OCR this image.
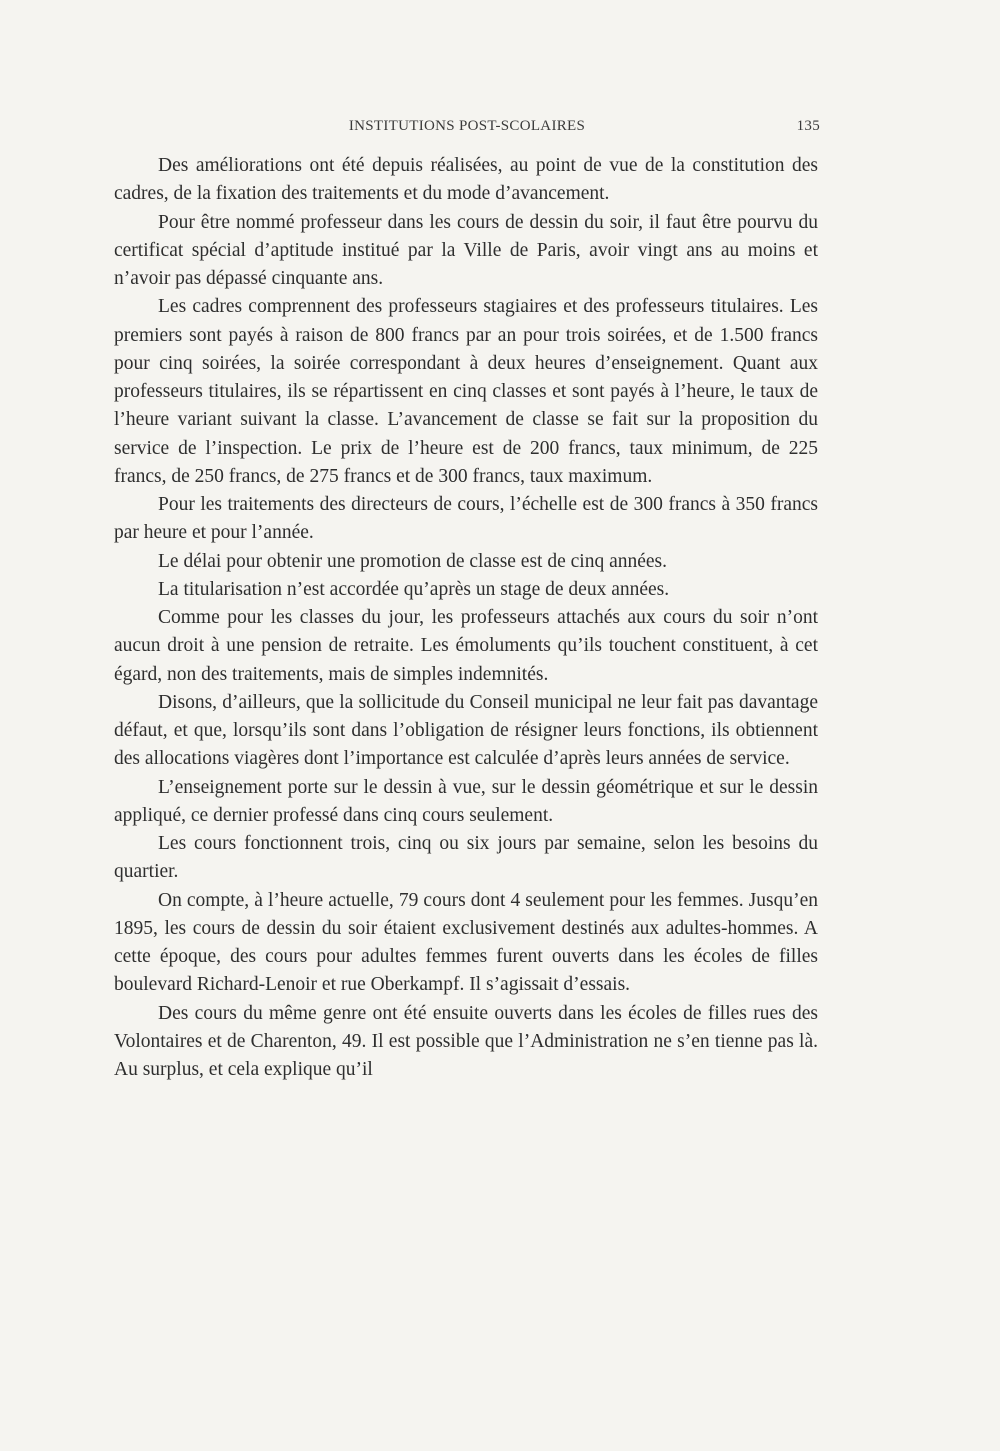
INSTITUTIONS POST-SCOLAIRES	135

Des améliorations ont été depuis réalisées, au point de vue de la constitution des cadres, de la fixation des traitements et du mode d’avancement.

Pour être nommé professeur dans les cours de dessin du soir, il faut être pourvu du certificat spécial d’aptitude institué par la Ville de Paris, avoir vingt ans au moins et n’avoir pas dépassé cinquante ans.

Les cadres comprennent des professeurs stagiaires et des professeurs titulaires. Les premiers sont payés à raison de 800 francs par an pour trois soirées, et de 1.500 francs pour cinq soirées, la soirée correspondant à deux heures d’enseignement. Quant aux professeurs titulaires, ils se répartissent en cinq classes et sont payés à l’heure, le taux de l’heure variant suivant la classe. L’avancement de classe se fait sur la proposition du service de l’inspection. Le prix de l’heure est de 200 francs, taux minimum, de 225 francs, de 250 francs, de 275 francs et de 300 francs, taux maximum.

Pour les traitements des directeurs de cours, l’échelle est de 300 francs à 350 francs par heure et pour l’année.

Le délai pour obtenir une promotion de classe est de cinq années.

La titularisation n’est accordée qu’après un stage de deux années.

Comme pour les classes du jour, les professeurs attachés aux cours du soir n’ont aucun droit à une pension de retraite. Les émoluments qu’ils touchent constituent, à cet égard, non des traitements, mais de simples indemnités.

Disons, d’ailleurs, que la sollicitude du Conseil municipal ne leur fait pas davantage défaut, et que, lorsqu’ils sont dans l’obligation de résigner leurs fonctions, ils obtiennent des allocations viagères dont l’importance est calculée d’après leurs années de service.

L’enseignement porte sur le dessin à vue, sur le dessin géométrique et sur le dessin appliqué, ce dernier professé dans cinq cours seulement.

Les cours fonctionnent trois, cinq ou six jours par semaine, selon les besoins du quartier.

On compte, à l’heure actuelle, 79 cours dont 4 seulement pour les femmes. Jusqu’en 1895, les cours de dessin du soir étaient exclusivement destinés aux adultes-hommes. A cette époque, des cours pour adultes femmes furent ouverts dans les écoles de filles boulevard Richard-Lenoir et rue Oberkampf. Il s’agissait d’essais.

Des cours du même genre ont été ensuite ouverts dans les écoles de filles rues des Volontaires et de Charenton, 49. Il est possible que l’Administration ne s’en tienne pas là. Au surplus, et cela explique qu’il
